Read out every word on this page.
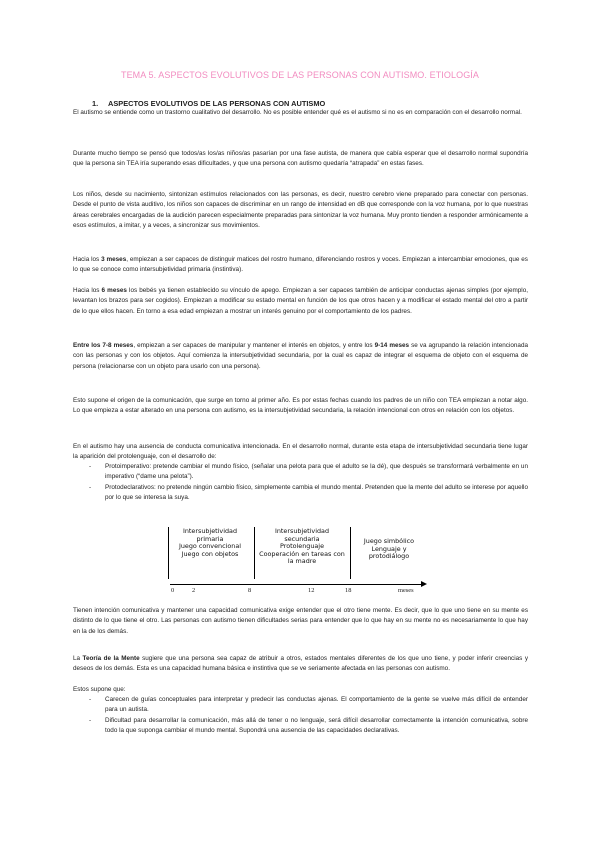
TEMA 5. ASPECTOS EVOLUTIVOS DE LAS PERSONAS CON AUTISMO. ETIOLOGÍA
1. ASPECTOS EVOLUTIVOS DE LAS PERSONAS CON AUTISMO

El autismo se entiende como un trastorno cualitativo del desarrollo. No es posible entender qué es el autismo si no es en comparación con el desarrollo normal.

Durante mucho tiempo se pensó que todos/as los/as niños/as pasarían por una fase autista, de manera que cabía esperar que el desarrollo normal supondría que la persona sin TEA iría superando esas dificultades, y que una persona con autismo quedaría “atrapada” en estas fases.

Los niños, desde su nacimiento, sintonizan estímulos relacionados con las personas, es decir, nuestro cerebro viene preparado para conectar con personas. Desde el punto de vista auditivo, los niños son capaces de discriminar en un rango de intensidad en dB que corresponde con la voz humana, por lo que nuestras áreas cerebrales encargadas de la audición parecen especialmente preparadas para sintonizar la voz humana. Muy pronto tienden a responder armónicamente a esos estímulos, a imitar, y a veces, a sincronizar sus movimientos.

Hacia los 3 meses, empiezan a ser capaces de distinguir matices del rostro humano, diferenciando rostros y voces. Empiezan a intercambiar emociones, que es lo que se conoce como intersubjetividad primaria (instintiva).

Hacia los 6 meses los bebés ya tienen establecido su vínculo de apego. Empiezan a ser capaces también de anticipar conductas ajenas simples (por ejemplo, levantan los brazos para ser cogidos). Empiezan a modificar su estado mental en función de los que otros hacen y a modificar el estado mental del otro a partir de lo que ellos hacen. En torno a esa edad empiezan a mostrar un interés genuino por el comportamiento de los padres.

Entre los 7-8 meses, empiezan a ser capaces de manipular y mantener el interés en objetos, y entre los 9-14 meses se va agrupando la relación intencionada con las personas y con los objetos. Aquí comienza la intersubjetividad secundaria, por la cual es capaz de integrar el esquema de objeto con el esquema de persona (relacionarse con un objeto para usarlo con una persona).

Esto supone el origen de la comunicación, que surge en torno al primer año. Es por estas fechas cuando los padres de un niño con TEA empiezan a notar algo. Lo que empieza a estar alterado en una persona con autismo, es la intersubjetividad secundaria, la relación intencional con otros en relación con los objetos.

En el autismo hay una ausencia de conducta comunicativa intencionada. En el desarrollo normal, durante esta etapa de intersubjetividad secundaria tiene lugar la aparición del protolenguaje, con el desarrollo de:

- Protoimperativo: pretende cambiar el mundo físico, (señalar una pelota para que el adulto se la dé), que después se transformará verbalmente en un imperativo (“dame una pelota”).

- Protodeclarativos: no pretende ningún cambio físico, simplemente cambia el mundo mental. Pretenden que la mente del adulto se interese por aquello por lo que se interesa la suya.

Intersubjetividad
primaria
Juego convencional
Juego con objetos
Intersubjetividad
secundaria
Protolenguaje
Cooperación en tareas con
la madre
Juego simbólico
Lenguaje y
protodiálogo
0	2	8	12	18	meses

Tienen intención comunicativa y mantener una capacidad comunicativa exige entender que el otro tiene mente. Es decir, que lo que uno tiene en su mente es distinto de lo que tiene el otro. Las personas con autismo tienen dificultades serias para entender que lo que hay en su mente no es necesariamente lo que hay en la de los demás.

La Teoría de la Mente sugiere que una persona sea capaz de atribuir a otros, estados mentales diferentes de los que uno tiene, y poder inferir creencias y deseos de los demás. Esta es una capacidad humana básica e instintiva que se ve seriamente afectada en las personas con autismo.

Estos supone que:

- Carecen de guías conceptuales para interpretar y predecir las conductas ajenas. El comportamiento de la gente se vuelve más difícil de entender para un autista.

- Dificultad para desarrollar la comunicación, más allá de tener o no lenguaje, será difícil desarrollar correctamente la intención comunicativa, sobre todo la que suponga cambiar el mundo mental. Supondrá una ausencia de las capacidades declarativas.
